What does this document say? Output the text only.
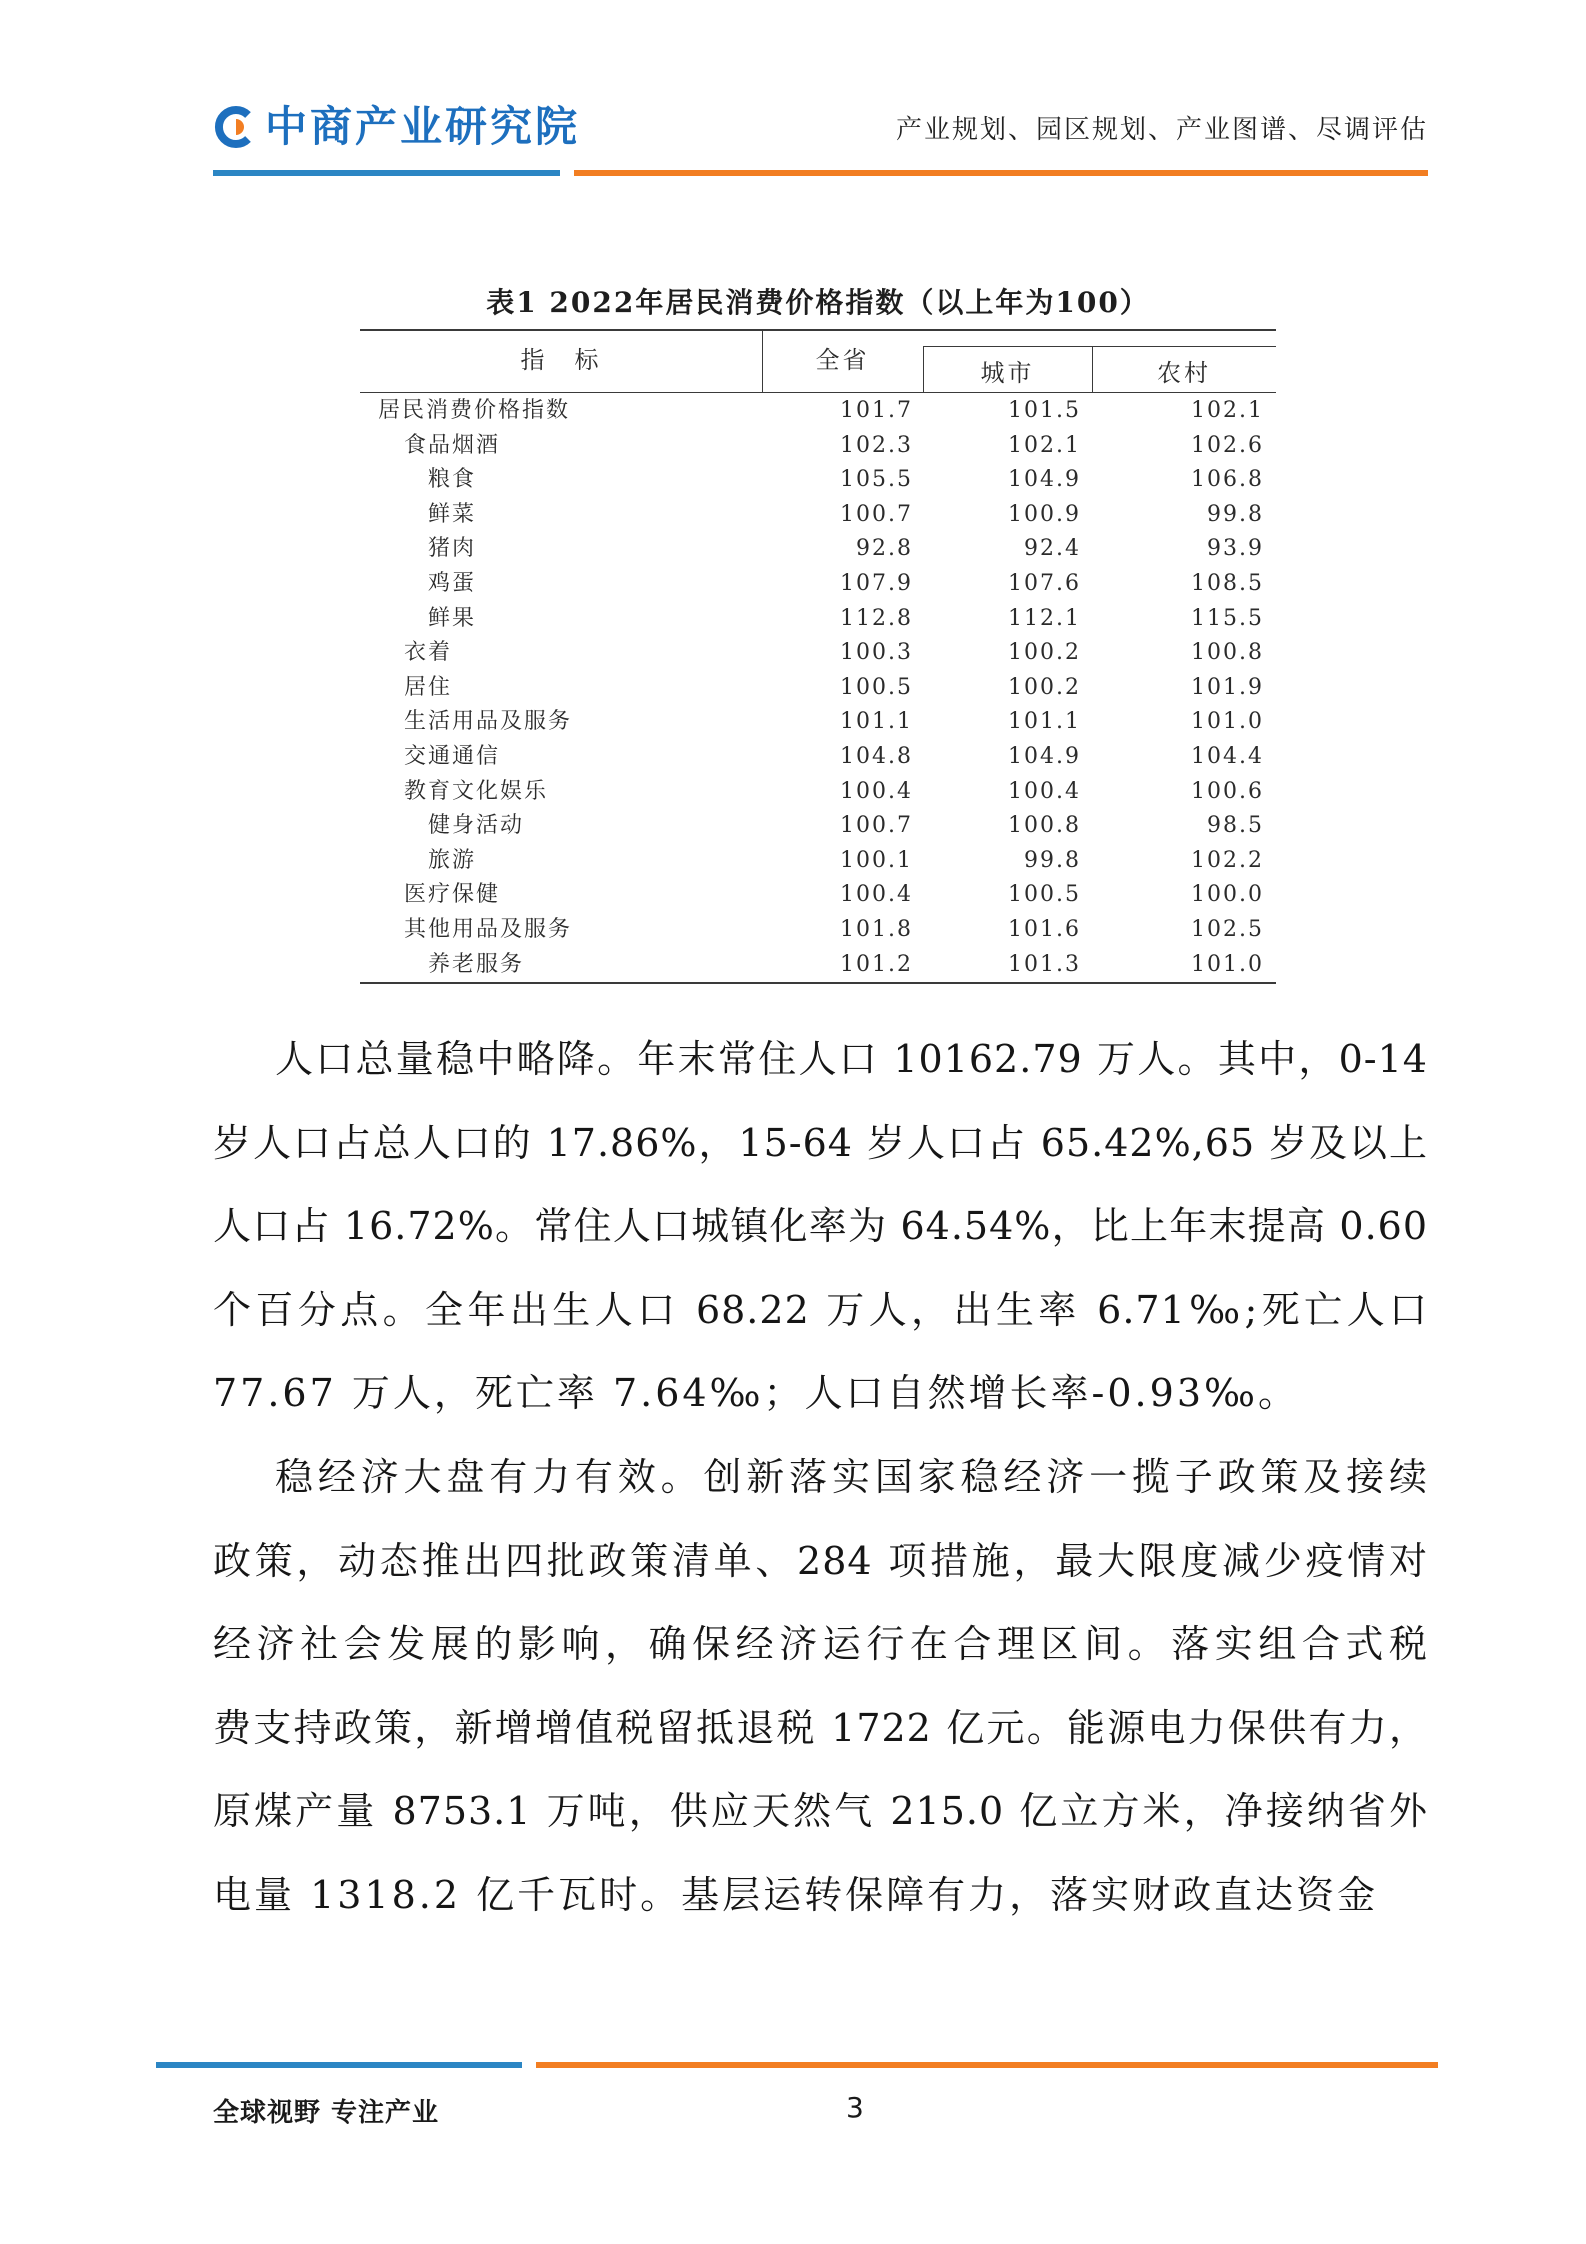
中商产业研究院	产业规划、园区规划、产业图谱、尽调评估
表1 2022年居民消费价格指数（以上年为100）
指　标	全省	城市	农村
居民消费价格指数	101.7	101.5	102.1
食品烟酒	102.3	102.1	102.6
粮食	105.5	104.9	106.8
鲜菜	100.7	100.9	99.8
猪肉	92.8	92.4	93.9
鸡蛋	107.9	107.6	108.5
鲜果	112.8	112.1	115.5
衣着	100.3	100.2	100.8
居住	100.5	100.2	101.9
生活用品及服务	101.1	101.1	101.0
交通通信	104.8	104.9	104.4
教育文化娱乐	100.4	100.4	100.6
健身活动	100.7	100.8	98.5
旅游	100.1	99.8	102.2
医疗保健	100.4	100.5	100.0
其他用品及服务	101.8	101.6	102.5
养老服务	101.2	101.3	101.0
人口总量稳中略降。年末常住人口 10162.79 万人。其中，0-14
岁人口占总人口的 17.86%，15-64 岁人口占 65.42%,65 岁及以上
人口占 16.72%。常住人口城镇化率为 64.54%，比上年末提高 0.60
个百分点。全年出生人口 68.22 万人，出生率 6.71‰;死亡人口
77.67 万人，死亡率 7.64‰；人口自然增长率-0.93‰。
稳经济大盘有力有效。创新落实国家稳经济一揽子政策及接续
政策，动态推出四批政策清单、284 项措施，最大限度减少疫情对
经济社会发展的影响，确保经济运行在合理区间。落实组合式税
费支持政策，新增增值税留抵退税 1722 亿元。能源电力保供有力，
原煤产量 8753.1 万吨，供应天然气 215.0 亿立方米，净接纳省外
电量 1318.2 亿千瓦时。基层运转保障有力，落实财政直达资金
全球视野 专注产业	3
